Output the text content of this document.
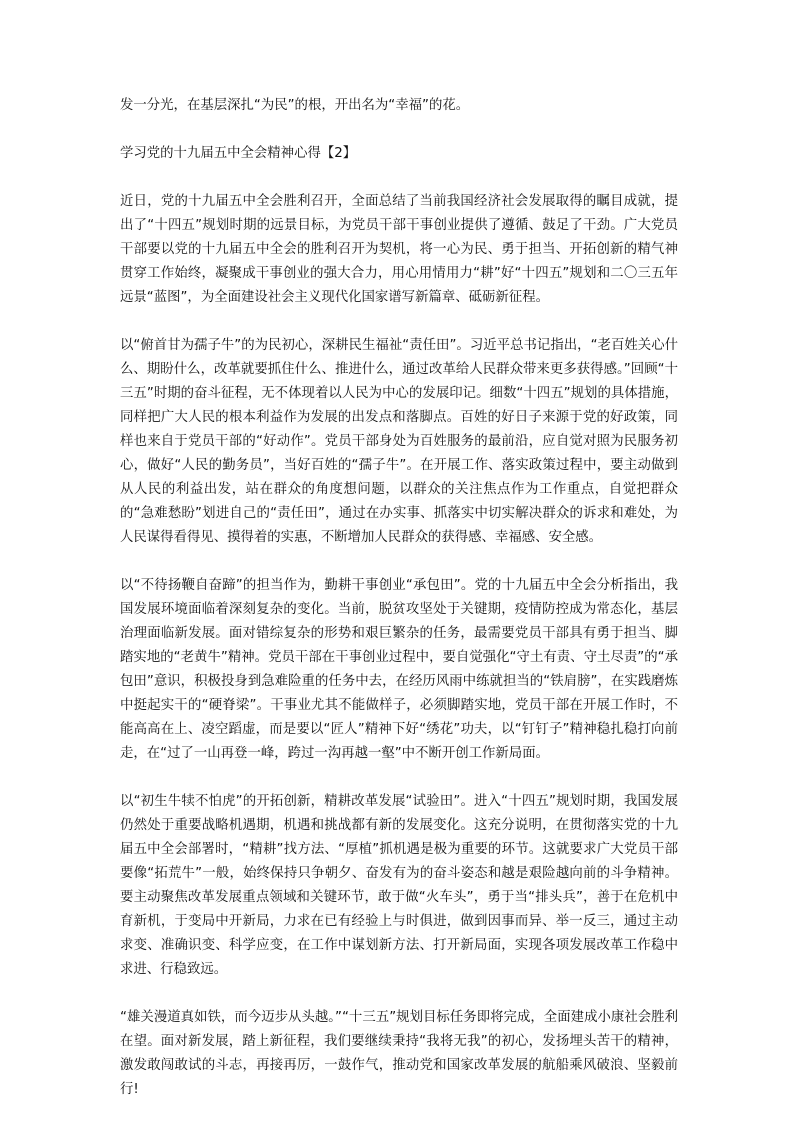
发一分光，在基层深扎“为民”的根，开出名为“幸福”的花。

学习党的十九届五中全会精神心得【2】

近日，党的十九届五中全会胜利召开，全面总结了当前我国经济社会发展取得的瞩目成就，提出了“十四五”规划时期的远景目标，为党员干部干事创业提供了遵循、鼓足了干劲。广大党员干部要以党的十九届五中全会的胜利召开为契机，将一心为民、勇于担当、开拓创新的精气神贯穿工作始终，凝聚成干事创业的强大合力，用心用情用力“耕”好“十四五”规划和二〇三五年远景“蓝图”，为全面建设社会主义现代化国家谱写新篇章、砥砺新征程。

以“俯首甘为孺子牛”的为民初心，深耕民生福祉“责任田”。习近平总书记指出，“老百姓关心什么、期盼什么，改革就要抓住什么、推进什么，通过改革给人民群众带来更多获得感。”回顾“十三五”时期的奋斗征程，无不体现着以人民为中心的发展印记。细数“十四五”规划的具体措施，同样把广大人民的根本利益作为发展的出发点和落脚点。百姓的好日子来源于党的好政策，同样也来自于党员干部的“好动作”。党员干部身处为百姓服务的最前沿，应自觉对照为民服务初心，做好“人民的勤务员”，当好百姓的“孺子牛”。在开展工作、落实政策过程中，要主动做到从人民的利益出发，站在群众的角度想问题，以群众的关注焦点作为工作重点，自觉把群众的“急难愁盼”划进自己的“责任田”，通过在办实事、抓落实中切实解决群众的诉求和难处，为人民谋得看得见、摸得着的实惠，不断增加人民群众的获得感、幸福感、安全感。

以“不待扬鞭自奋蹄”的担当作为，勤耕干事创业“承包田”。党的十九届五中全会分析指出，我国发展环境面临着深刻复杂的变化。当前，脱贫攻坚处于关键期，疫情防控成为常态化，基层治理面临新发展。面对错综复杂的形势和艰巨繁杂的任务，最需要党员干部具有勇于担当、脚踏实地的“老黄牛”精神。党员干部在干事创业过程中，要自觉强化“守土有责、守土尽责”的“承包田”意识，积极投身到急难险重的任务中去，在经历风雨中练就担当的“铁肩膀”，在实践磨炼中挺起实干的“硬脊梁”。干事业尤其不能做样子，必须脚踏实地，党员干部在开展工作时，不能高高在上、凌空蹈虚，而是要以“匠人”精神下好“绣花”功夫，以“钉钉子”精神稳扎稳打向前走，在“过了一山再登一峰，跨过一沟再越一壑”中不断开创工作新局面。

以“初生牛犊不怕虎”的开拓创新，精耕改革发展“试验田”。进入“十四五”规划时期，我国发展仍然处于重要战略机遇期，机遇和挑战都有新的发展变化。这充分说明，在贯彻落实党的十九届五中全会部署时，“精耕”找方法、“厚植”抓机遇是极为重要的环节。这就要求广大党员干部要像“拓荒牛”一般，始终保持只争朝夕、奋发有为的奋斗姿态和越是艰险越向前的斗争精神。要主动聚焦改革发展重点领域和关键环节，敢于做“火车头”，勇于当“排头兵”，善于在危机中育新机，于变局中开新局，力求在已有经验上与时俱进，做到因事而异、举一反三，通过主动求变、准确识变、科学应变，在工作中谋划新方法、打开新局面，实现各项发展改革工作稳中求进、行稳致远。

“雄关漫道真如铁，而今迈步从头越。”“十三五”规划目标任务即将完成，全面建成小康社会胜利在望。面对新发展，踏上新征程，我们要继续秉持“我将无我”的初心，发扬埋头苦干的精神，激发敢闯敢试的斗志，再接再厉，一鼓作气，推动党和国家改革发展的航船乘风破浪、坚毅前行!
